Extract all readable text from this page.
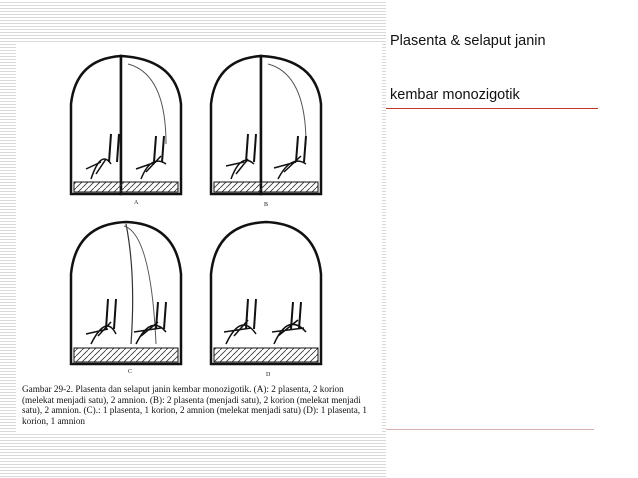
Plasenta & selaput janin
kembar monozigotik
A	B
C	D
Gambar 29-2. Plasenta dan selaput janin kembar monozigotik. (A): 2 plasenta, 2 korion (melekat menjadi satu), 2 amnion. (B): 2 plasenta (menjadi satu), 2 korion (melekat menjadi satu), 2 amnion. (C).: 1 plasenta, 1 korion, 2 amnion (melekat menjadi satu) (D): 1 plasenta, 1 korion, 1 amnion
